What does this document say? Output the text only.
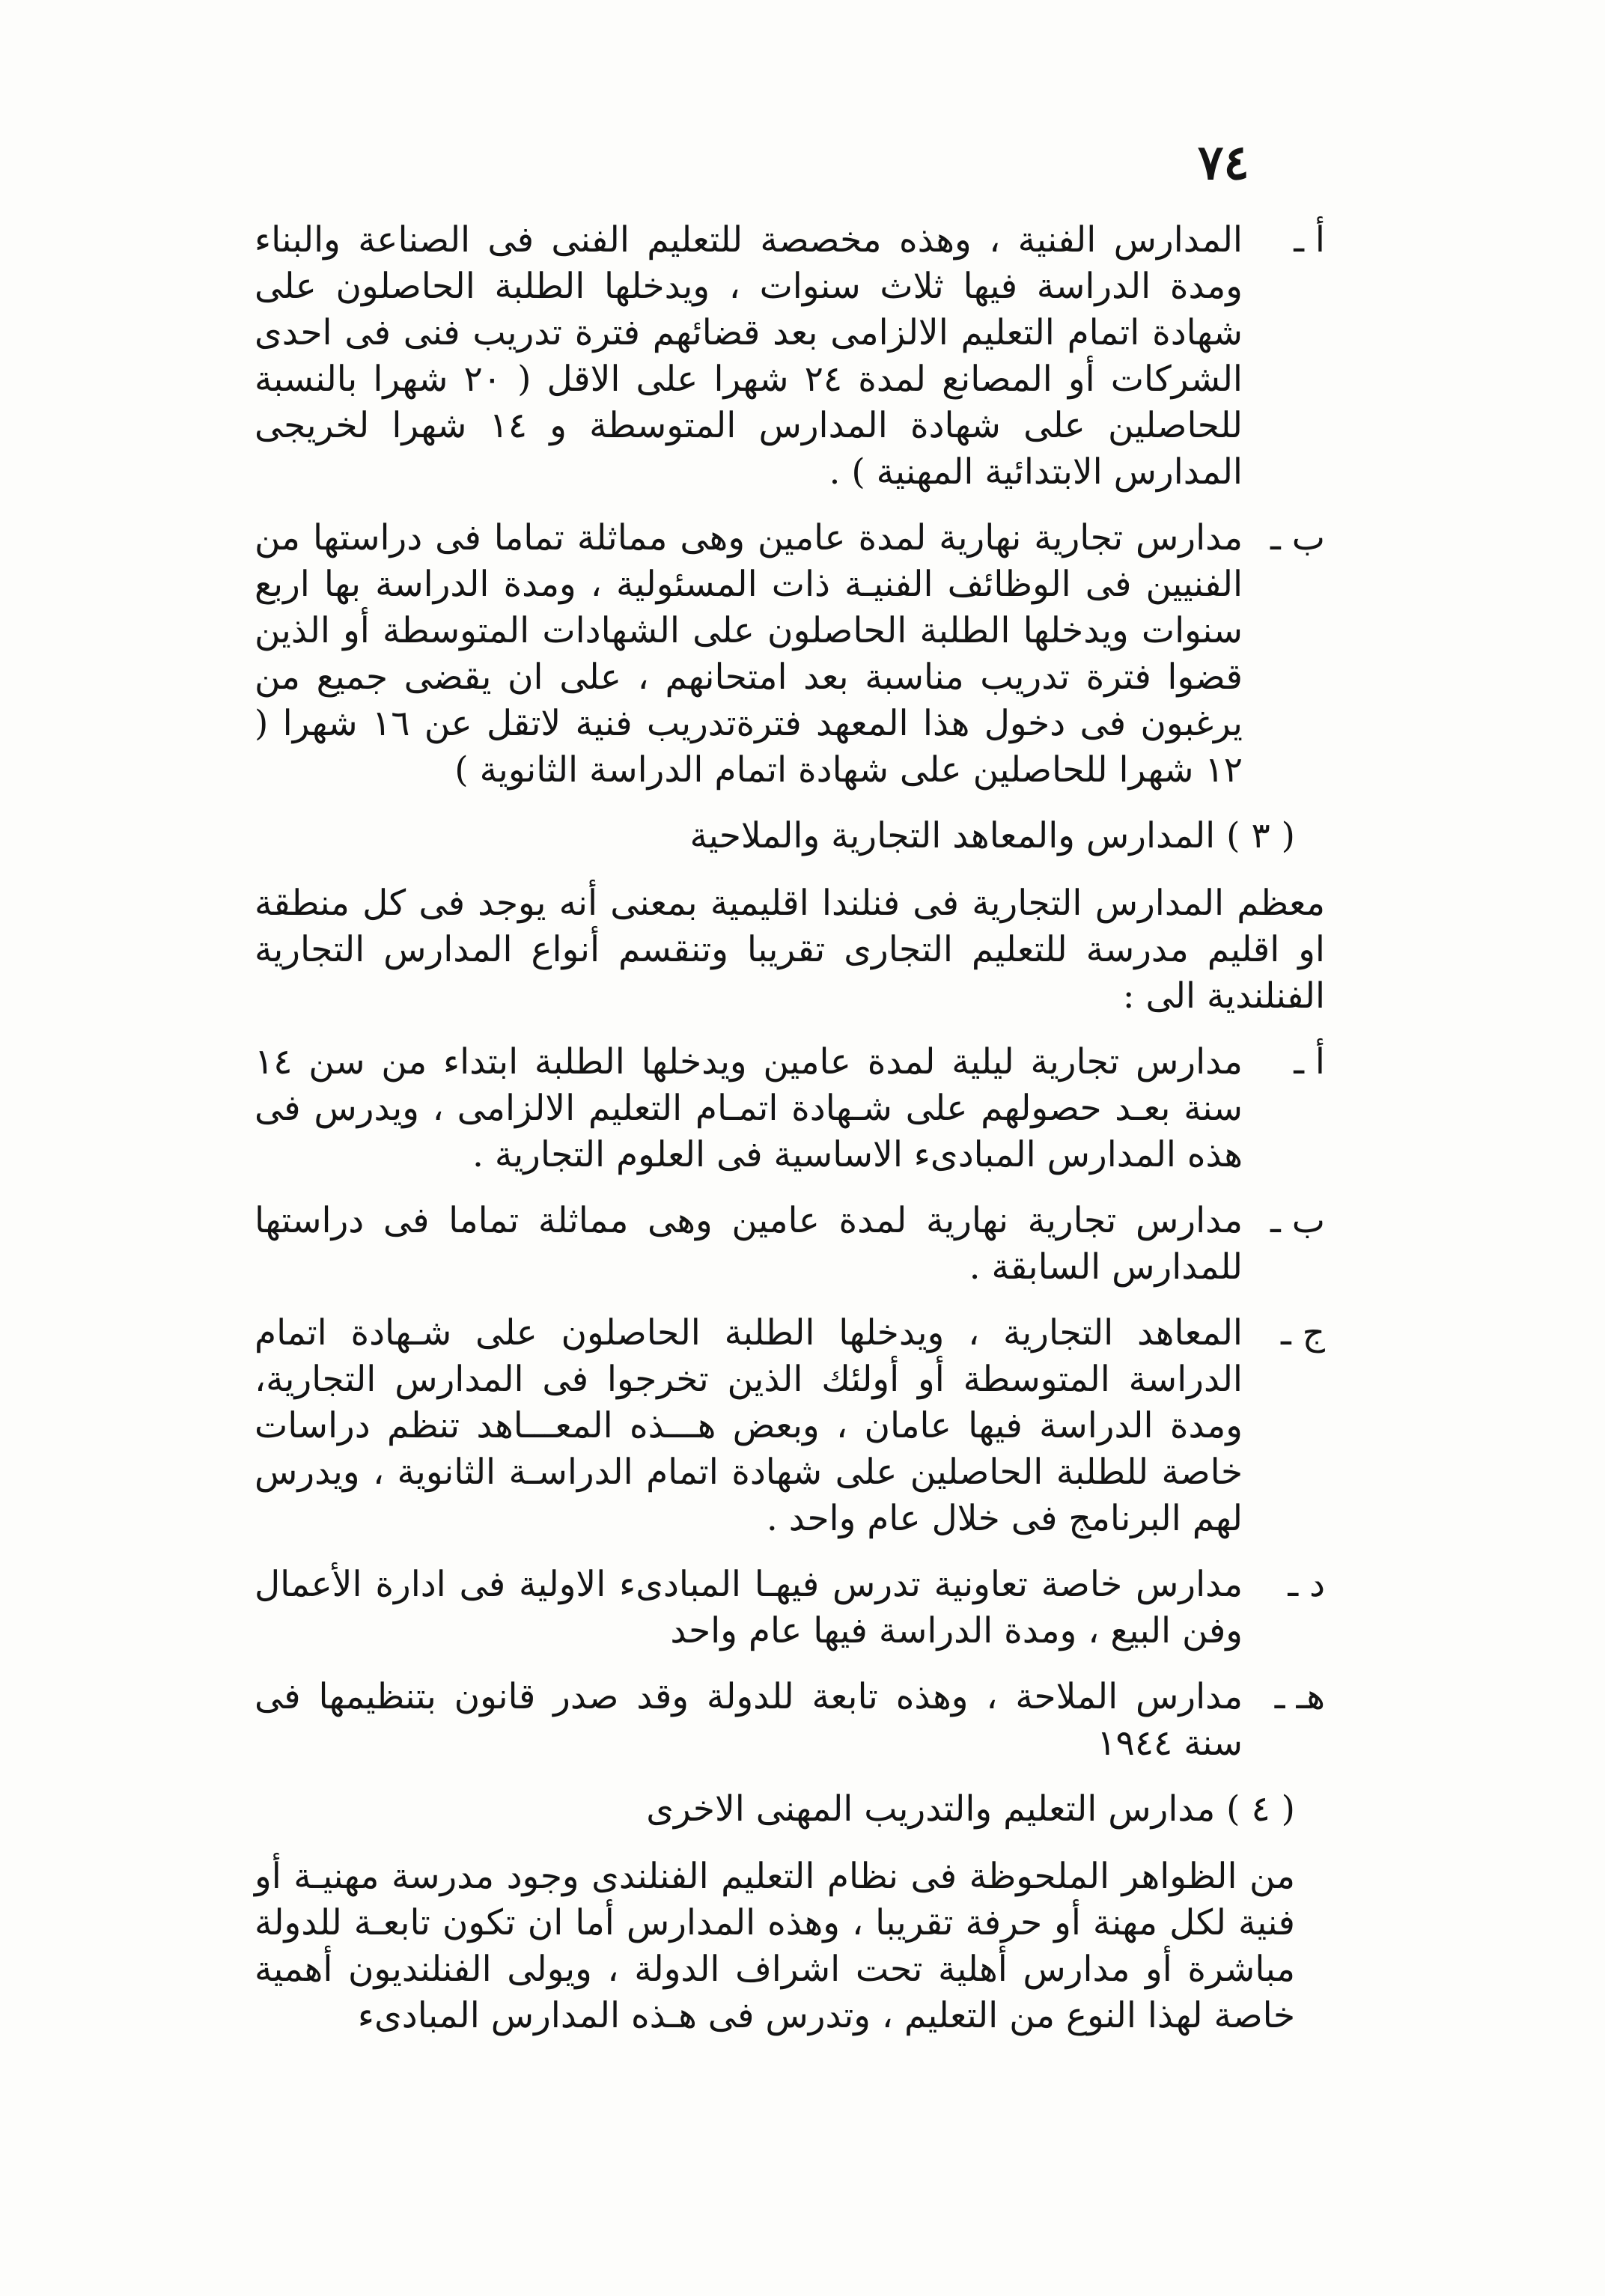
٧٤
أ ـ
المدارس الفنية ، وهذه مخصصة للتعليم الفنى فى الصناعة والبناء ومدة الدراسة فيها ثلاث سنوات ، ويدخلها الطلبة الحاصلون على شهادة اتمام التعليم الالزامى بعد قضائهم فترة تدريب فنى فى احدى الشركات أو المصانع لمدة ٢٤ شهرا على الاقل ( ٢٠ شهرا بالنسبة للحاصلين على شهادة المدارس المتوسطة و ١٤ شهرا لخريجى المدارس الابتدائية المهنية ) .
ب ـ
مدارس تجارية نهارية لمدة عامين وهى مماثلة تماما فى دراستها من الفنيين فى الوظائف الفنيـة ذات المسئولية ، ومدة الدراسة بها اربع سنوات ويدخلها الطلبة الحاصلون على الشهادات المتوسطة أو الذين قضوا فترة تدريب مناسبة بعد امتحانهم ، على ان يقضى جميع من يرغبون فى دخول هذا المعهد فترةتدريب فنية لاتقل عن ١٦ شهرا ( ١٢ شهرا للحاصلين على شهادة اتمام الدراسة الثانوية )
( ٣ ) المدارس والمعاهد التجارية والملاحية
معظم المدارس التجارية فى فنلندا اقليمية بمعنى أنه يوجد فى كل منطقة او اقليم مدرسة للتعليم التجارى تقريبا وتنقسم أنواع المدارس التجارية الفنلندية الى :
أ ـ
مدارس تجارية ليلية لمدة عامين ويدخلها الطلبة ابتداء من سن ١٤ سنة بعـد حصولهم على شـهادة اتمـام التعليم الالزامى ، ويدرس فى هذه المدارس المبادىء الاساسية فى العلوم التجارية .
ب ـ
مدارس تجارية نهارية لمدة عامين وهى مماثلة تماما فى دراستها للمدارس السابقة .
ج ـ
المعاهد التجارية ، ويدخلها الطلبة الحاصلون على شـهادة اتمام الدراسة المتوسطة أو أولئك الذين تخرجوا فى المدارس التجارية، ومدة الدراسة فيها عامان ، وبعض هـــذه المعـــاهد تنظم دراسات خاصة للطلبة الحاصلين على شهادة اتمام الدراسـة الثانوية ، ويدرس لهم البرنامج فى خلال عام واحد .
د ـ
مدارس خاصة تعاونية تدرس فيهـا المبادىء الاولية فى ادارة الأعمال وفن البيع ، ومدة الدراسة فيها عام واحد
هـ ـ
مدارس الملاحة ، وهذه تابعة للدولة وقد صدر قانون بتنظيمها فى سنة ١٩٤٤
( ٤ ) مدارس التعليم والتدريب المهنى الاخرى
من الظواهر الملحوظة فى نظام التعليم الفنلندى وجود مدرسة مهنيـة أو فنية لكل مهنة أو حرفة تقريبا ، وهذه المدارس أما ان تكون تابعـة للدولة مباشرة أو مدارس أهلية تحت اشراف الدولة ، ويولى الفنلنديون أهمية خاصة لهذا النوع من التعليم ، وتدرس فى هـذه المدارس المبادىء
